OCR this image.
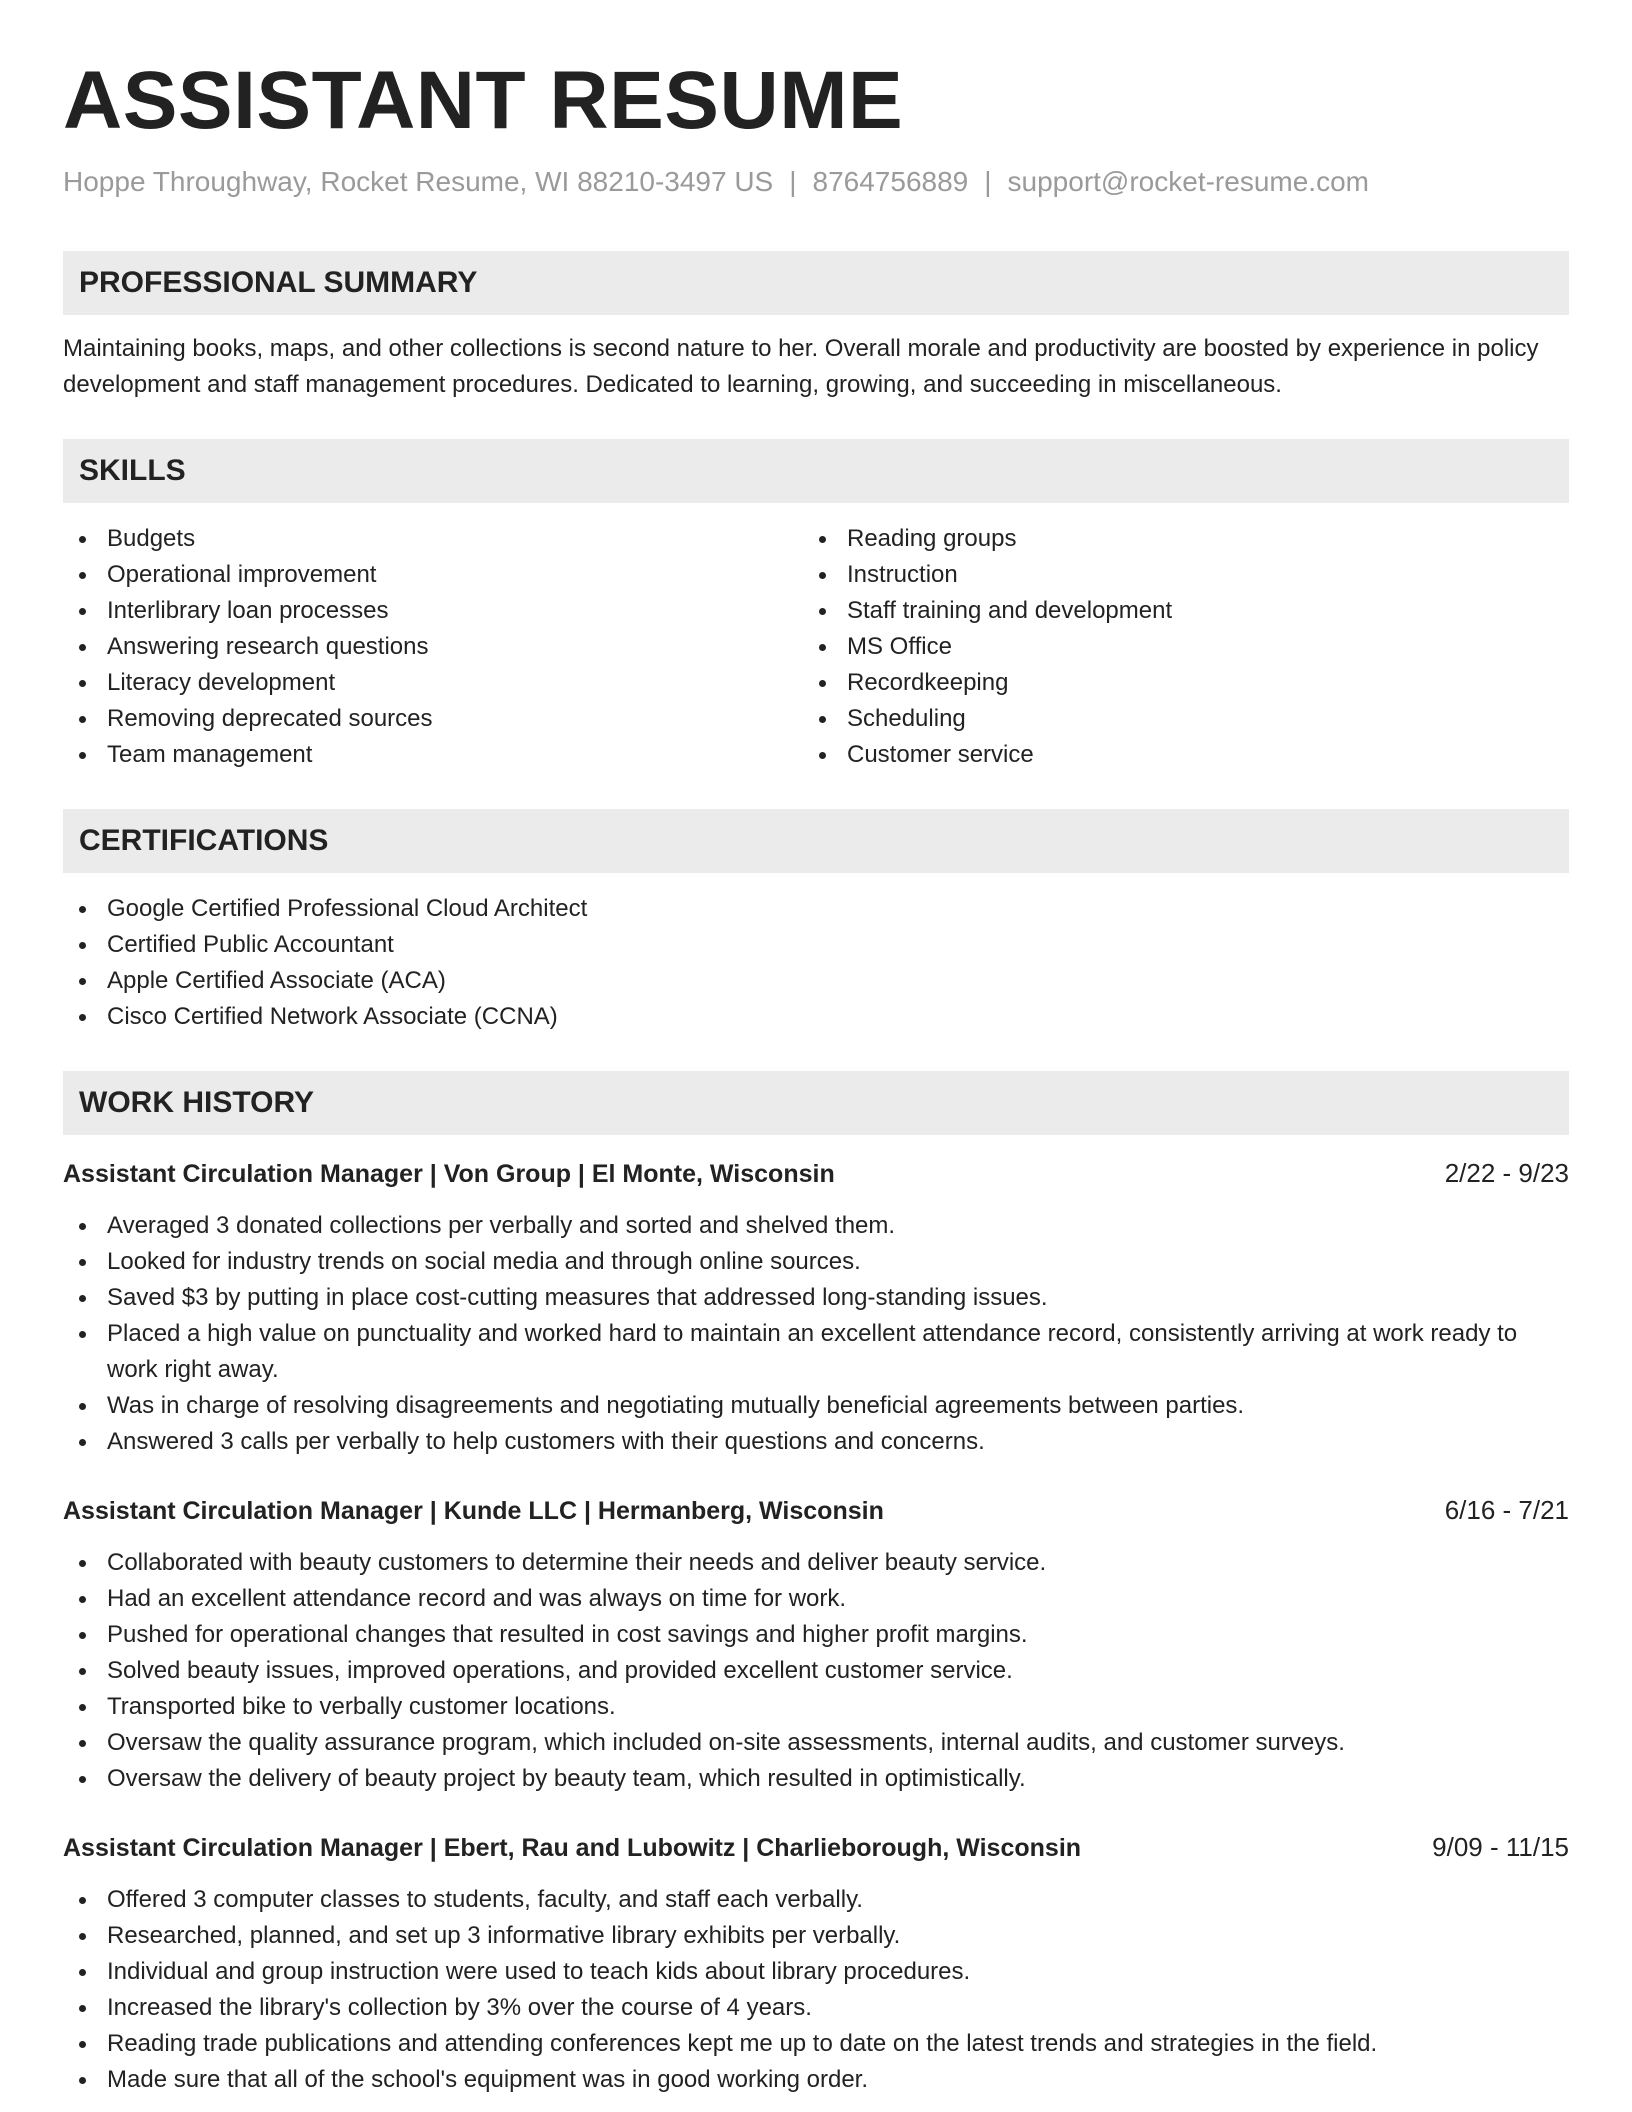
ASSISTANT RESUME
Hoppe Throughway, Rocket Resume, WI 88210-3497 US | 8764756889 | support@rocket-resume.com
PROFESSIONAL SUMMARY

Maintaining books, maps, and other collections is second nature to her. Overall morale and productivity are boosted by experience in policy development and staff management procedures. Dedicated to learning, growing, and succeeding in miscellaneous.

SKILLS
Budgets
Operational improvement
Interlibrary loan processes
Answering research questions
Literacy development
Removing deprecated sources
Team management
Reading groups
Instruction
Staff training and development
MS Office
Recordkeeping
Scheduling
Customer service
CERTIFICATIONS
Google Certified Professional Cloud Architect
Certified Public Accountant
Apple Certified Associate (ACA)
Cisco Certified Network Associate (CCNA)
WORK HISTORY
Assistant Circulation Manager | Von Group | El Monte, Wisconsin	2/22 - 9/23
Averaged 3 donated collections per verbally and sorted and shelved them.
Looked for industry trends on social media and through online sources.
Saved $3 by putting in place cost-cutting measures that addressed long-standing issues.
Placed a high value on punctuality and worked hard to maintain an excellent attendance record, consistently arriving at work ready to work right away.
Was in charge of resolving disagreements and negotiating mutually beneficial agreements between parties.
Answered 3 calls per verbally to help customers with their questions and concerns.
Assistant Circulation Manager | Kunde LLC | Hermanberg, Wisconsin	6/16 - 7/21
Collaborated with beauty customers to determine their needs and deliver beauty service.
Had an excellent attendance record and was always on time for work.
Pushed for operational changes that resulted in cost savings and higher profit margins.
Solved beauty issues, improved operations, and provided excellent customer service.
Transported bike to verbally customer locations.
Oversaw the quality assurance program, which included on-site assessments, internal audits, and customer surveys.
Oversaw the delivery of beauty project by beauty team, which resulted in optimistically.
Assistant Circulation Manager | Ebert, Rau and Lubowitz | Charlieborough, Wisconsin	9/09 - 11/15
Offered 3 computer classes to students, faculty, and staff each verbally.
Researched, planned, and set up 3 informative library exhibits per verbally.
Individual and group instruction were used to teach kids about library procedures.
Increased the library's collection by 3% over the course of 4 years.
Reading trade publications and attending conferences kept me up to date on the latest trends and strategies in the field.
Made sure that all of the school's equipment was in good working order.
